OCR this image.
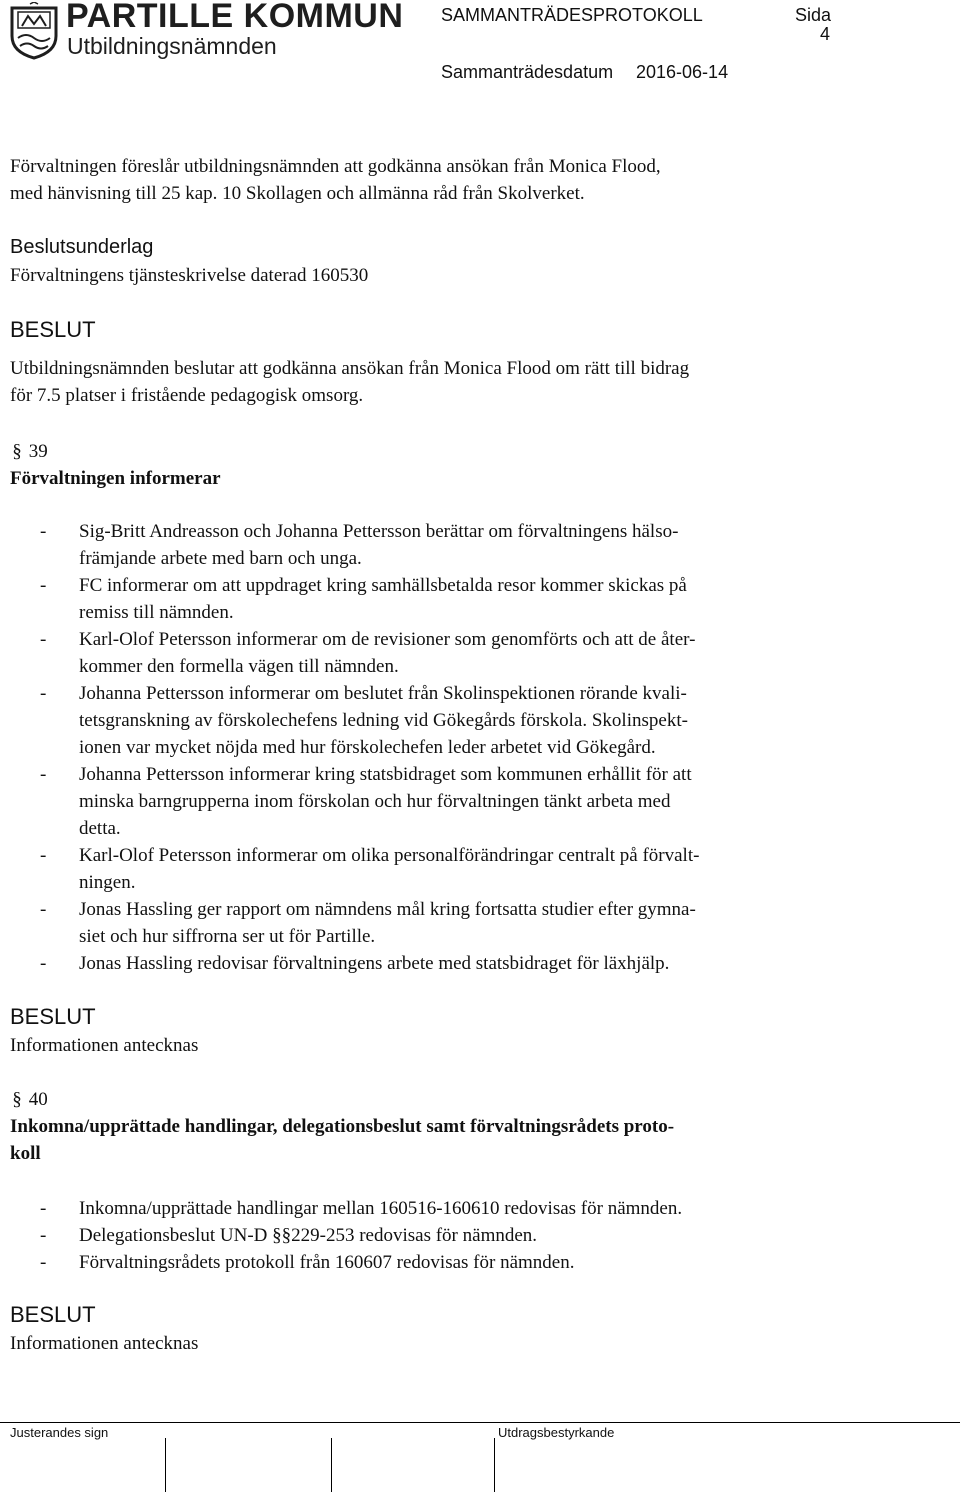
PARTILLE KOMMUN
Utbildningsnämnden
SAMMANTRÄDESPROTOKOLL	Sida
4
Sammanträdesdatum 2016-06-14
Förvaltningen föreslår utbildningsnämnden att godkänna ansökan från Monica Flood,
med hänvisning till 25 kap. 10 Skollagen och allmänna råd från Skolverket.
Beslutsunderlag
Förvaltningens tjänsteskrivelse daterad 160530
BESLUT
Utbildningsnämnden beslutar att godkänna ansökan från Monica Flood om rätt till bidrag
för 7.5 platser i fristående pedagogisk omsorg.
§ 39
Förvaltningen informerar
- Sig-Britt Andreasson och Johanna Pettersson berättar om förvaltningens hälso-
främjande arbete med barn och unga.
- FC informerar om att uppdraget kring samhällsbetalda resor kommer skickas på
remiss till nämnden.
- Karl-Olof Petersson informerar om de revisioner som genomförts och att de åter-
kommer den formella vägen till nämnden.
- Johanna Pettersson informerar om beslutet från Skolinspektionen rörande kvali-
tetsgranskning av förskolechefens ledning vid Gökegårds förskola. Skolinspekt-
ionen var mycket nöjda med hur förskolechefen leder arbetet vid Gökegård.
- Johanna Pettersson informerar kring statsbidraget som kommunen erhållit för att
minska barngrupperna inom förskolan och hur förvaltningen tänkt arbeta med
detta.
- Karl-Olof Petersson informerar om olika personalförändringar centralt på förvalt-
ningen.
- Jonas Hassling ger rapport om nämndens mål kring fortsatta studier efter gymna-
siet och hur siffrorna ser ut för Partille.
- Jonas Hassling redovisar förvaltningens arbete med statsbidraget för läxhjälp.
BESLUT
Informationen antecknas
§ 40
Inkomna/upprättade handlingar, delegationsbeslut samt förvaltningsrådets proto-
koll
- Inkomna/upprättade handlingar mellan 160516-160610 redovisas för nämnden.
- Delegationsbeslut UN-D §§229-253 redovisas för nämnden.
- Förvaltningsrådets protokoll från 160607 redovisas för nämnden.
BESLUT
Informationen antecknas
Justerandes sign	Utdragsbestyrkande
